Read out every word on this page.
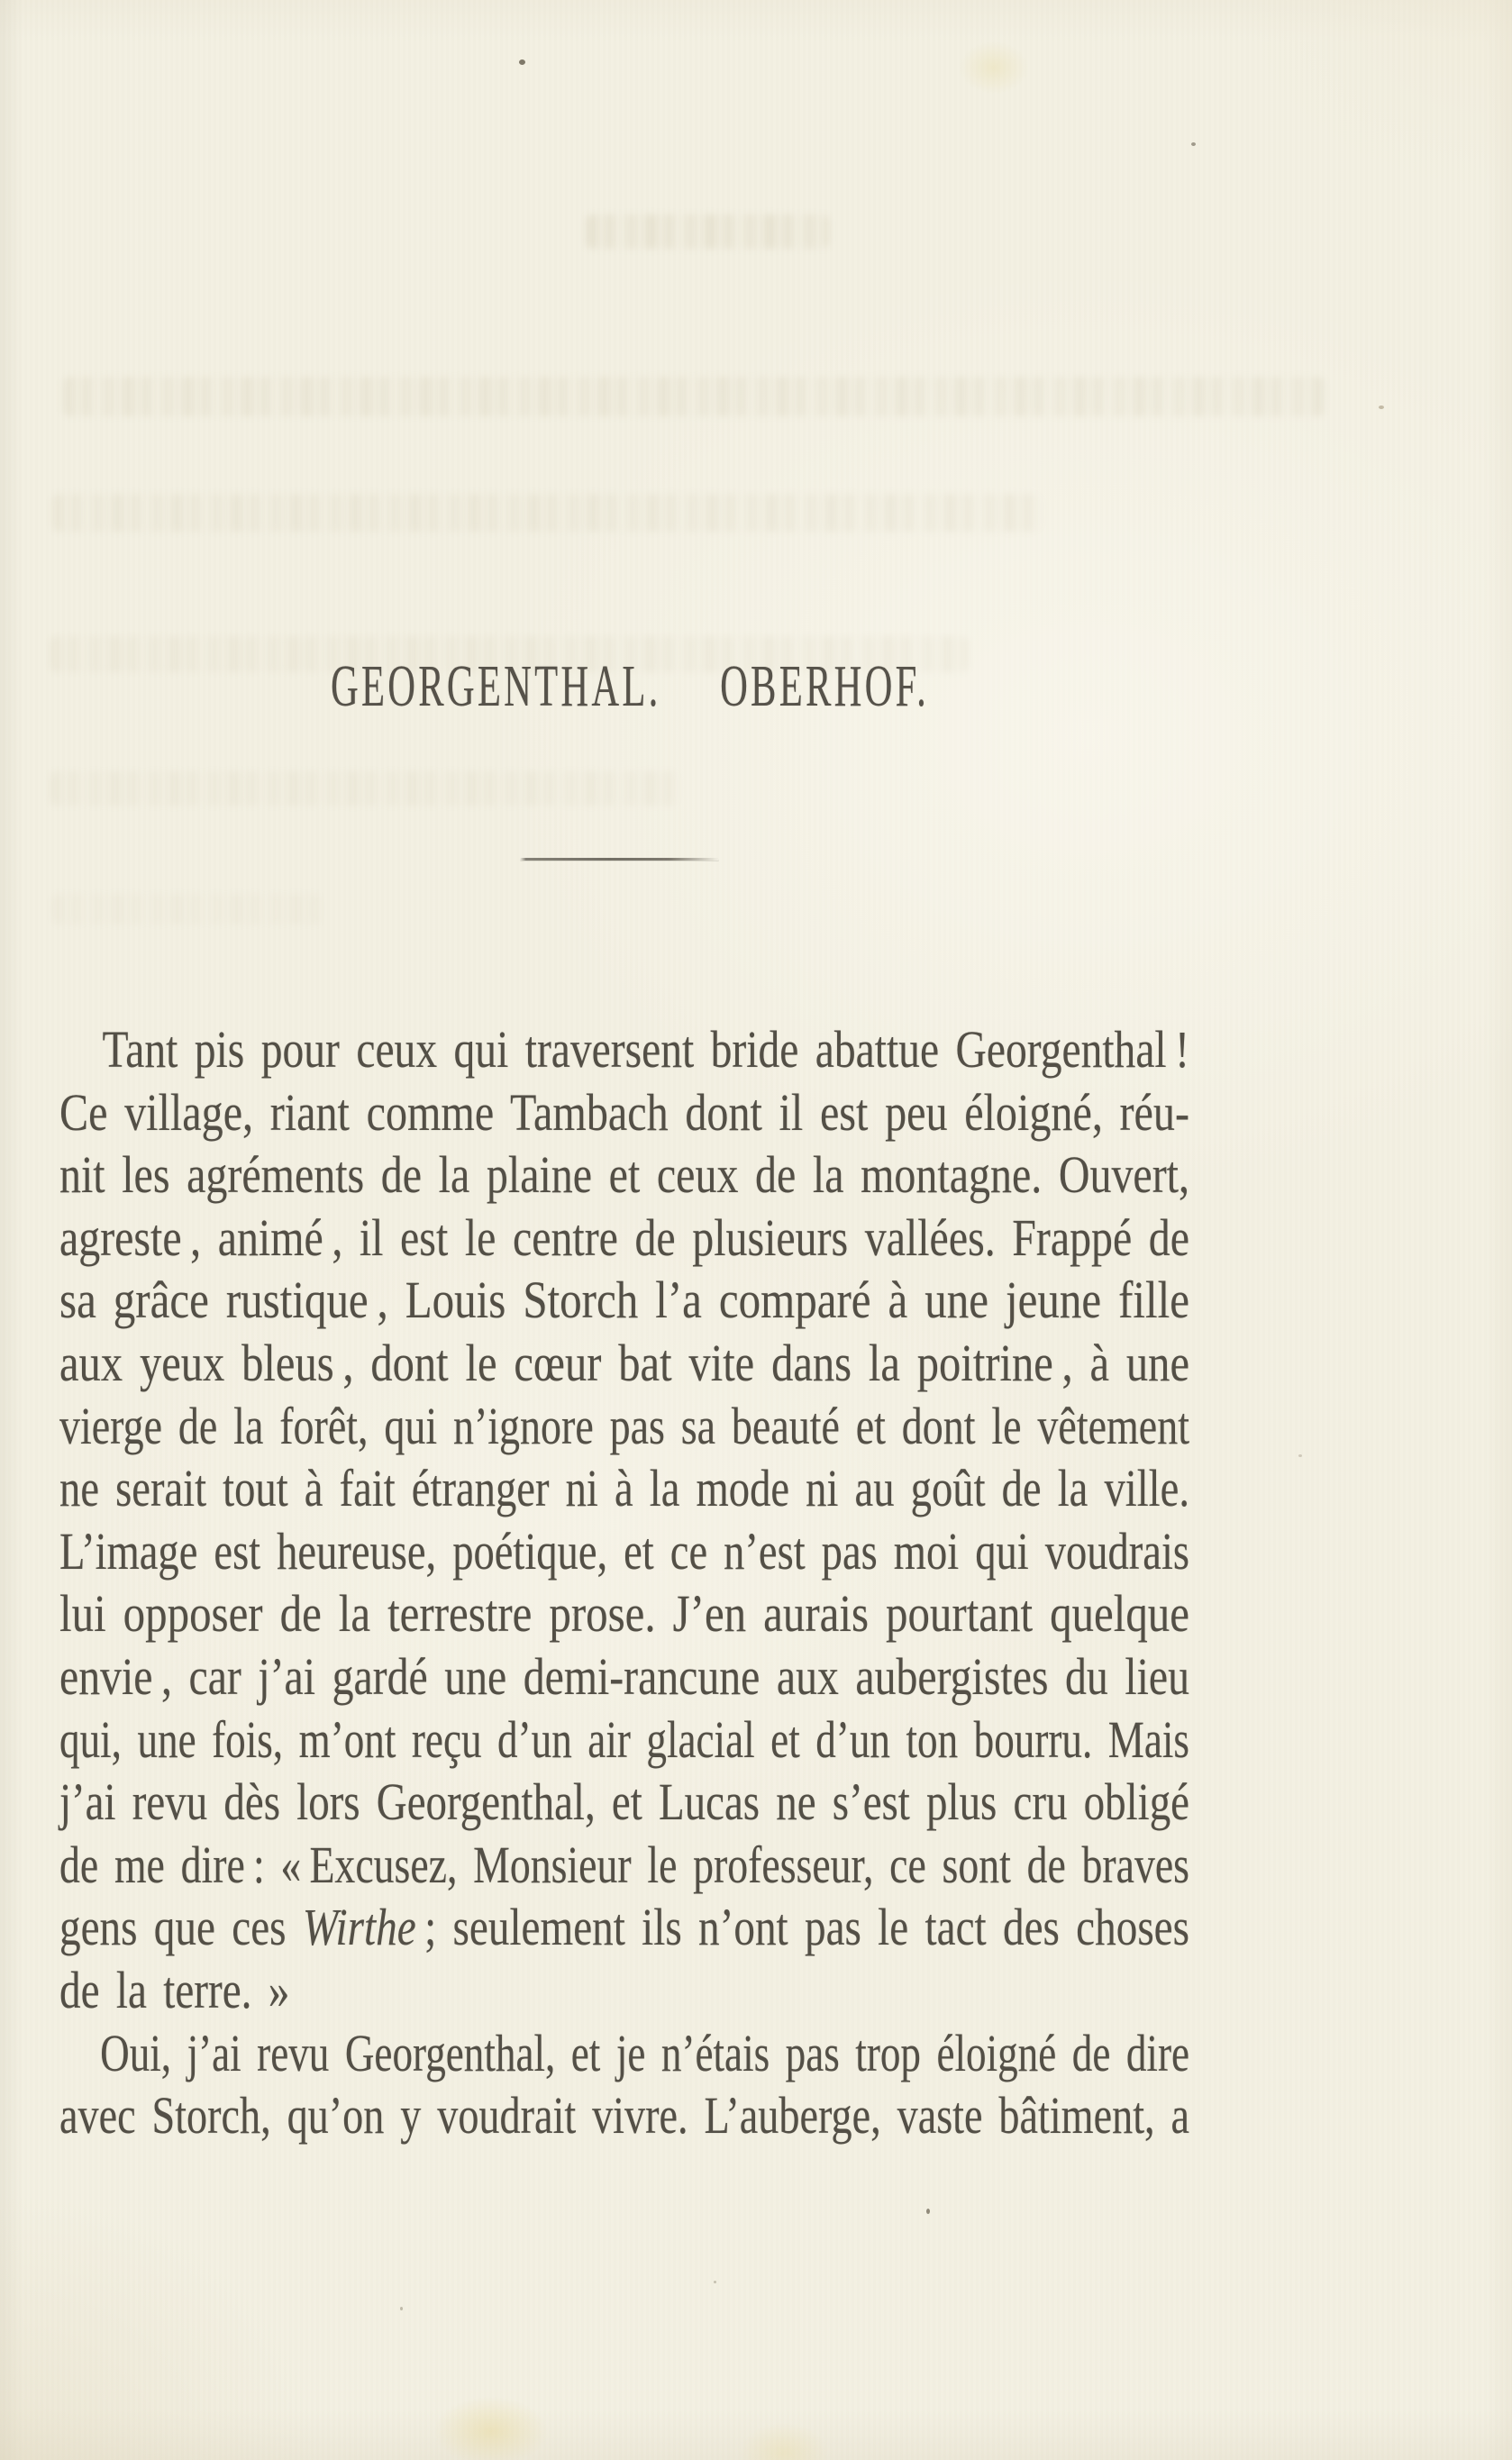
GEORGENTHAL. OBERHOF.
Tant pis pour ceux qui traversent bride abattue Georgenthal !
Ce village, riant comme Tambach dont il est peu éloigné, réu-
nit les agréments de la plaine et ceux de la montagne. Ouvert,
agreste , animé , il est le centre de plusieurs vallées. Frappé de
sa grâce rustique , Louis Storch l’a comparé à une jeune fille
aux yeux bleus , dont le cœur bat vite dans la poitrine , à une
vierge de la forêt, qui n’ignore pas sa beauté et dont le vêtement
ne serait tout à fait étranger ni à la mode ni au goût de la ville.
L’image est heureuse, poétique, et ce n’est pas moi qui voudrais
lui opposer de la terrestre prose. J’en aurais pourtant quelque
envie , car j’ai gardé une demi-rancune aux aubergistes du lieu
qui, une fois, m’ont reçu d’un air glacial et d’un ton bourru. Mais
j’ai revu dès lors Georgenthal, et Lucas ne s’est plus cru obligé
de me dire : « Excusez, Monsieur le professeur, ce sont de braves
gens que ces Wirthe ; seulement ils n’ont pas le tact des choses
de la terre. »
Oui, j’ai revu Georgenthal, et je n’étais pas trop éloigné de dire
avec Storch, qu’on y voudrait vivre. L’auberge, vaste bâtiment, a
